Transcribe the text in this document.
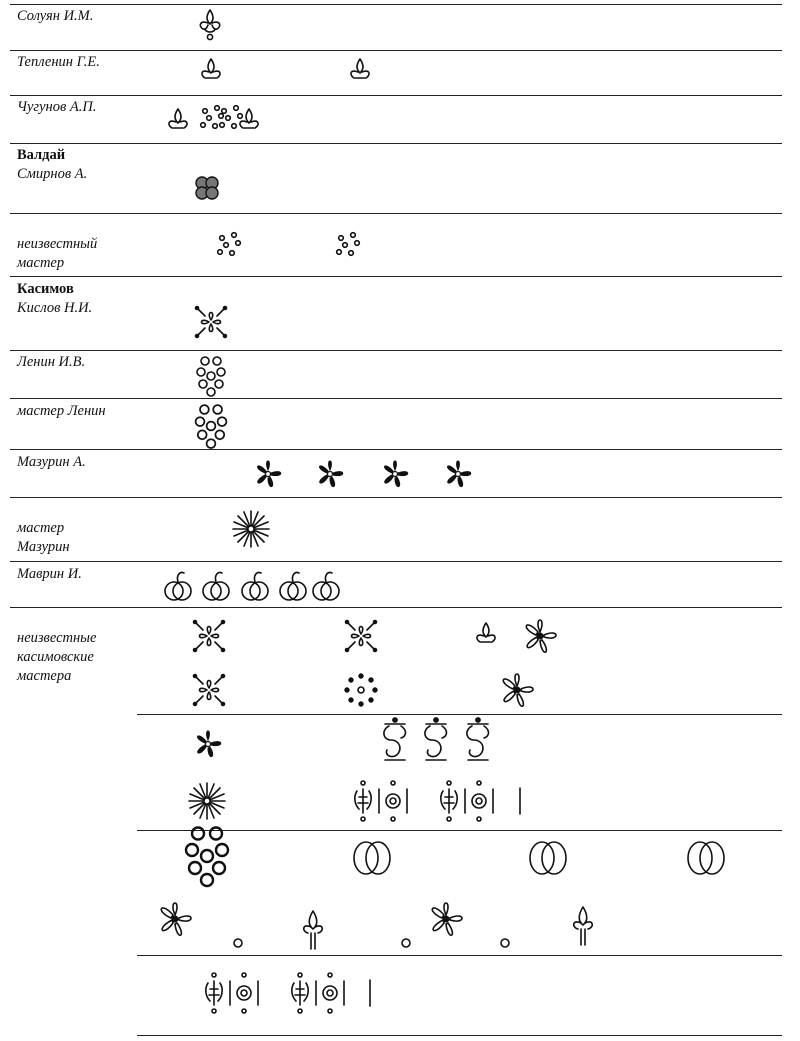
Солуян И.М.
Тепленин Г.Е.
Чугунов А.П.
Валдай
Смирнов А.

неизвестный
мастер

Касимов
Кислов Н.И.
Ленин И.В.
мастер Ленин
Мазурин А.

мастер
Мазурин

Маврин И.

неизвестные
касимовские
мастера
